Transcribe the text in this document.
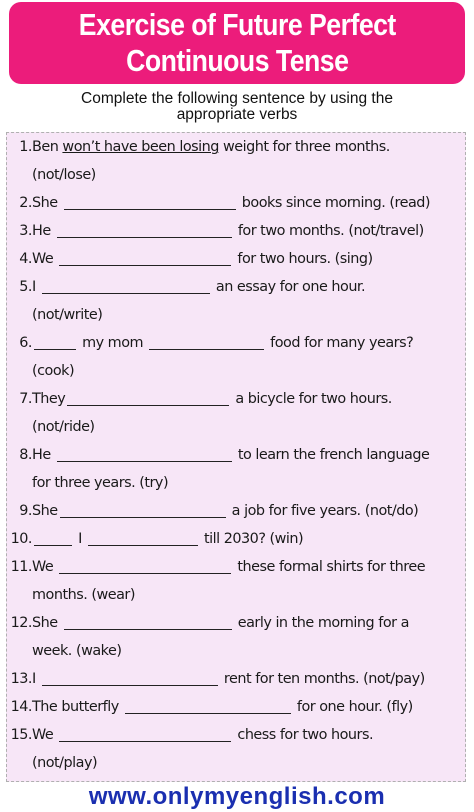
Exercise of Future Perfect
Continuous Tense
Complete the following sentence by using the
appropriate verbs
1. Ben won’t have been losing weight for three months.
(not/lose)
2. She	books since morning. (read)
3. He	for two months. (not/travel)
4. We	for two hours. (sing)
5. I	an essay for one hour.
(not/write)
6.	my mom	food for many years?
(cook)
7. They	a bicycle for two hours.
(not/ride)
8. He	to learn the french language
for three years. (try)
9. She	a job for five years. (not/do)
10.	I	till 2030? (win)
11. We	these formal shirts for three
months. (wear)
12. She	early in the morning for a
week. (wake)
13. I	rent for ten months. (not/pay)
14. The butterfly	for one hour. (fly)
15. We	chess for two hours.
(not/play)
www.onlymyenglish.com
